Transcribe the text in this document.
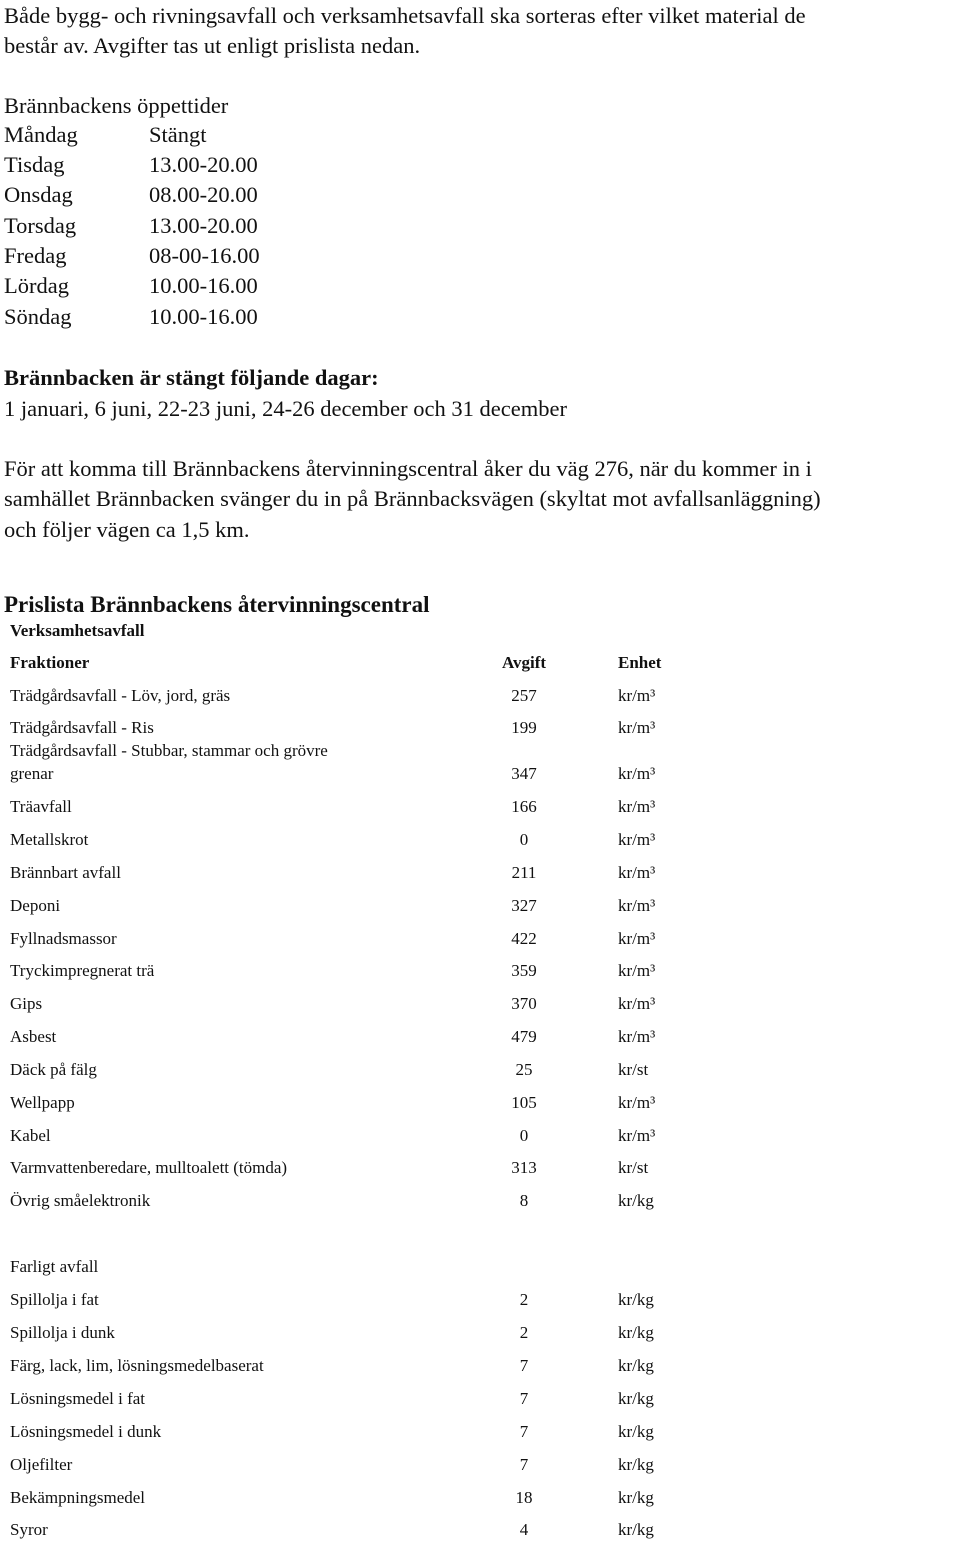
Både bygg- och rivningsavfall och verksamhetsavfall ska sorteras efter vilket material de

består av. Avgifter tas ut enligt prislista nedan.

Brännbackens öppettider

Måndag	Stängt
Tisdag	13.00-20.00
Onsdag	08.00-20.00
Torsdag	13.00-20.00
Fredag	08-00-16.00
Lördag	10.00-16.00
Söndag	10.00-16.00

Brännbacken är stängt följande dagar:

1 januari, 6 juni, 22-23 juni, 24-26 december och 31 december

För att komma till Brännbackens återvinningscentral åker du väg 276, när du kommer in i

samhället Brännbacken svänger du in på Brännbacksvägen (skyltat mot avfallsanläggning)

och följer vägen ca 1,5 km.

Prislista Brännbackens återvinningscentral

Verksamhetsavfall
Fraktioner	Avgift	Enhet
Trädgårdsavfall - Löv, jord, gräs	257	kr/m³
Trädgårdsavfall - Ris	199	kr/m³
Trädgårdsavfall - Stubbar, stammar och grövre
grenar	347	kr/m³
Träavfall	166	kr/m³
Metallskrot	0	kr/m³
Brännbart avfall	211	kr/m³
Deponi	327	kr/m³
Fyllnadsmassor	422	kr/m³
Tryckimpregnerat trä	359	kr/m³
Gips	370	kr/m³
Asbest	479	kr/m³
Däck på fälg	25	kr/st
Wellpapp	105	kr/m³
Kabel	0	kr/m³
Varmvattenberedare, mulltoalett (tömda)	313	kr/st
Övrig småelektronik	8	kr/kg
Farligt avfall
Spillolja i fat	2	kr/kg
Spillolja i dunk	2	kr/kg
Färg, lack, lim, lösningsmedelbaserat	7	kr/kg
Lösningsmedel i fat	7	kr/kg
Lösningsmedel i dunk	7	kr/kg
Oljefilter	7	kr/kg
Bekämpningsmedel	18	kr/kg
Syror	4	kr/kg
